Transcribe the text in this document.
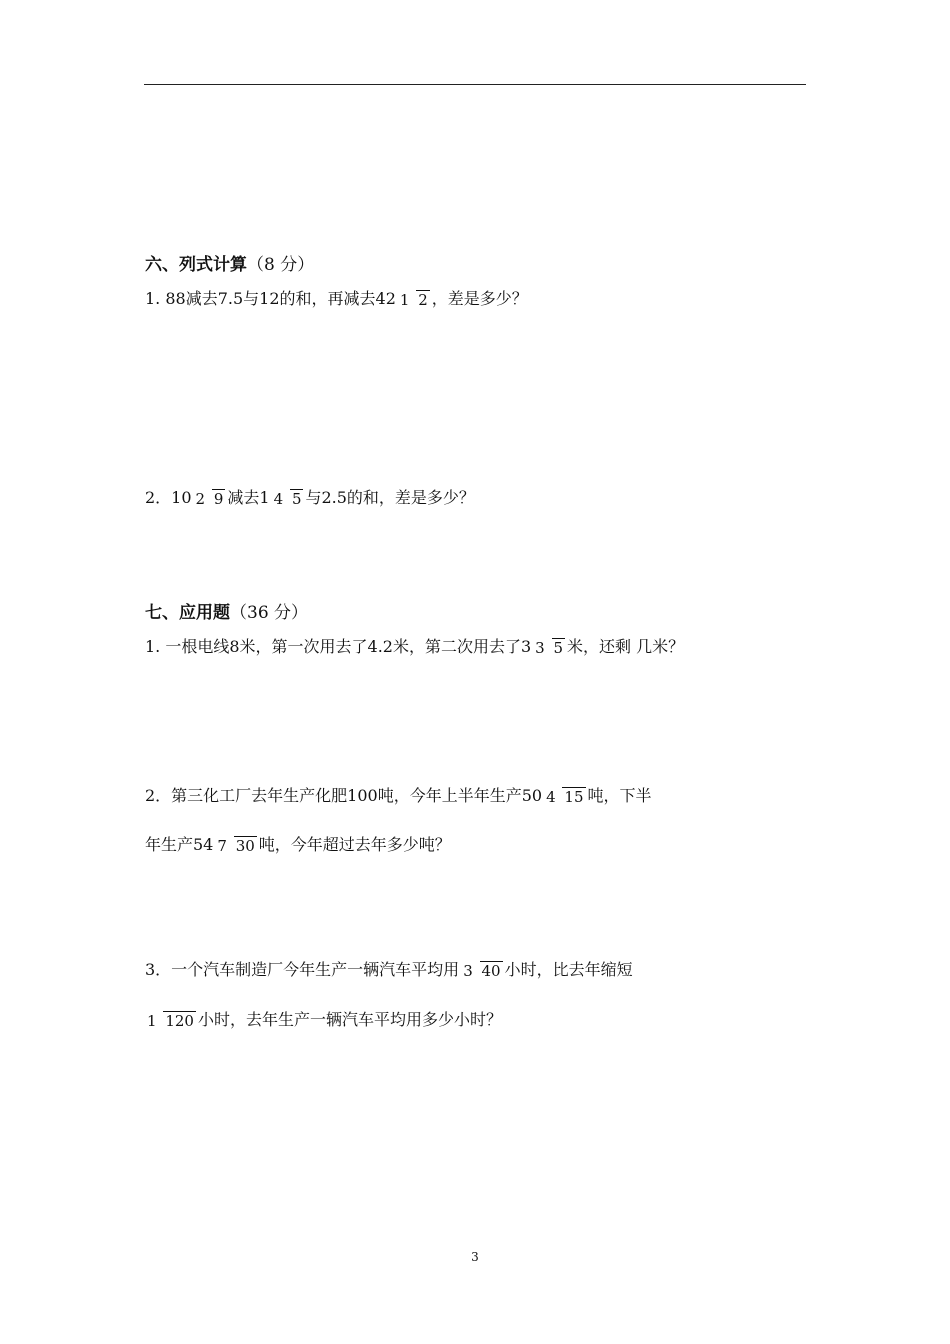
六、列式计算（8 分）
1. 88减去7.5与12的和，再减去42 1 2 ，差是多少？
2．10 2 9 减去1 4 5 与2.5的和，差是多少？
七、应用题（36 分）
1. 一根电线8米，第一次用去了4.2米，第二次用去了3 3 5 米，还剩 几米？
2．第三化工厂去年生产化肥100吨，今年上半年生产50 4 15 吨，下半
年生产54 7 30 吨，今年超过去年多少吨？
3．一个汽车制造厂今年生产一辆汽车平均用 3 40 小时，比去年缩短
1 120 小时，去年生产一辆汽车平均用多少小时？
3
